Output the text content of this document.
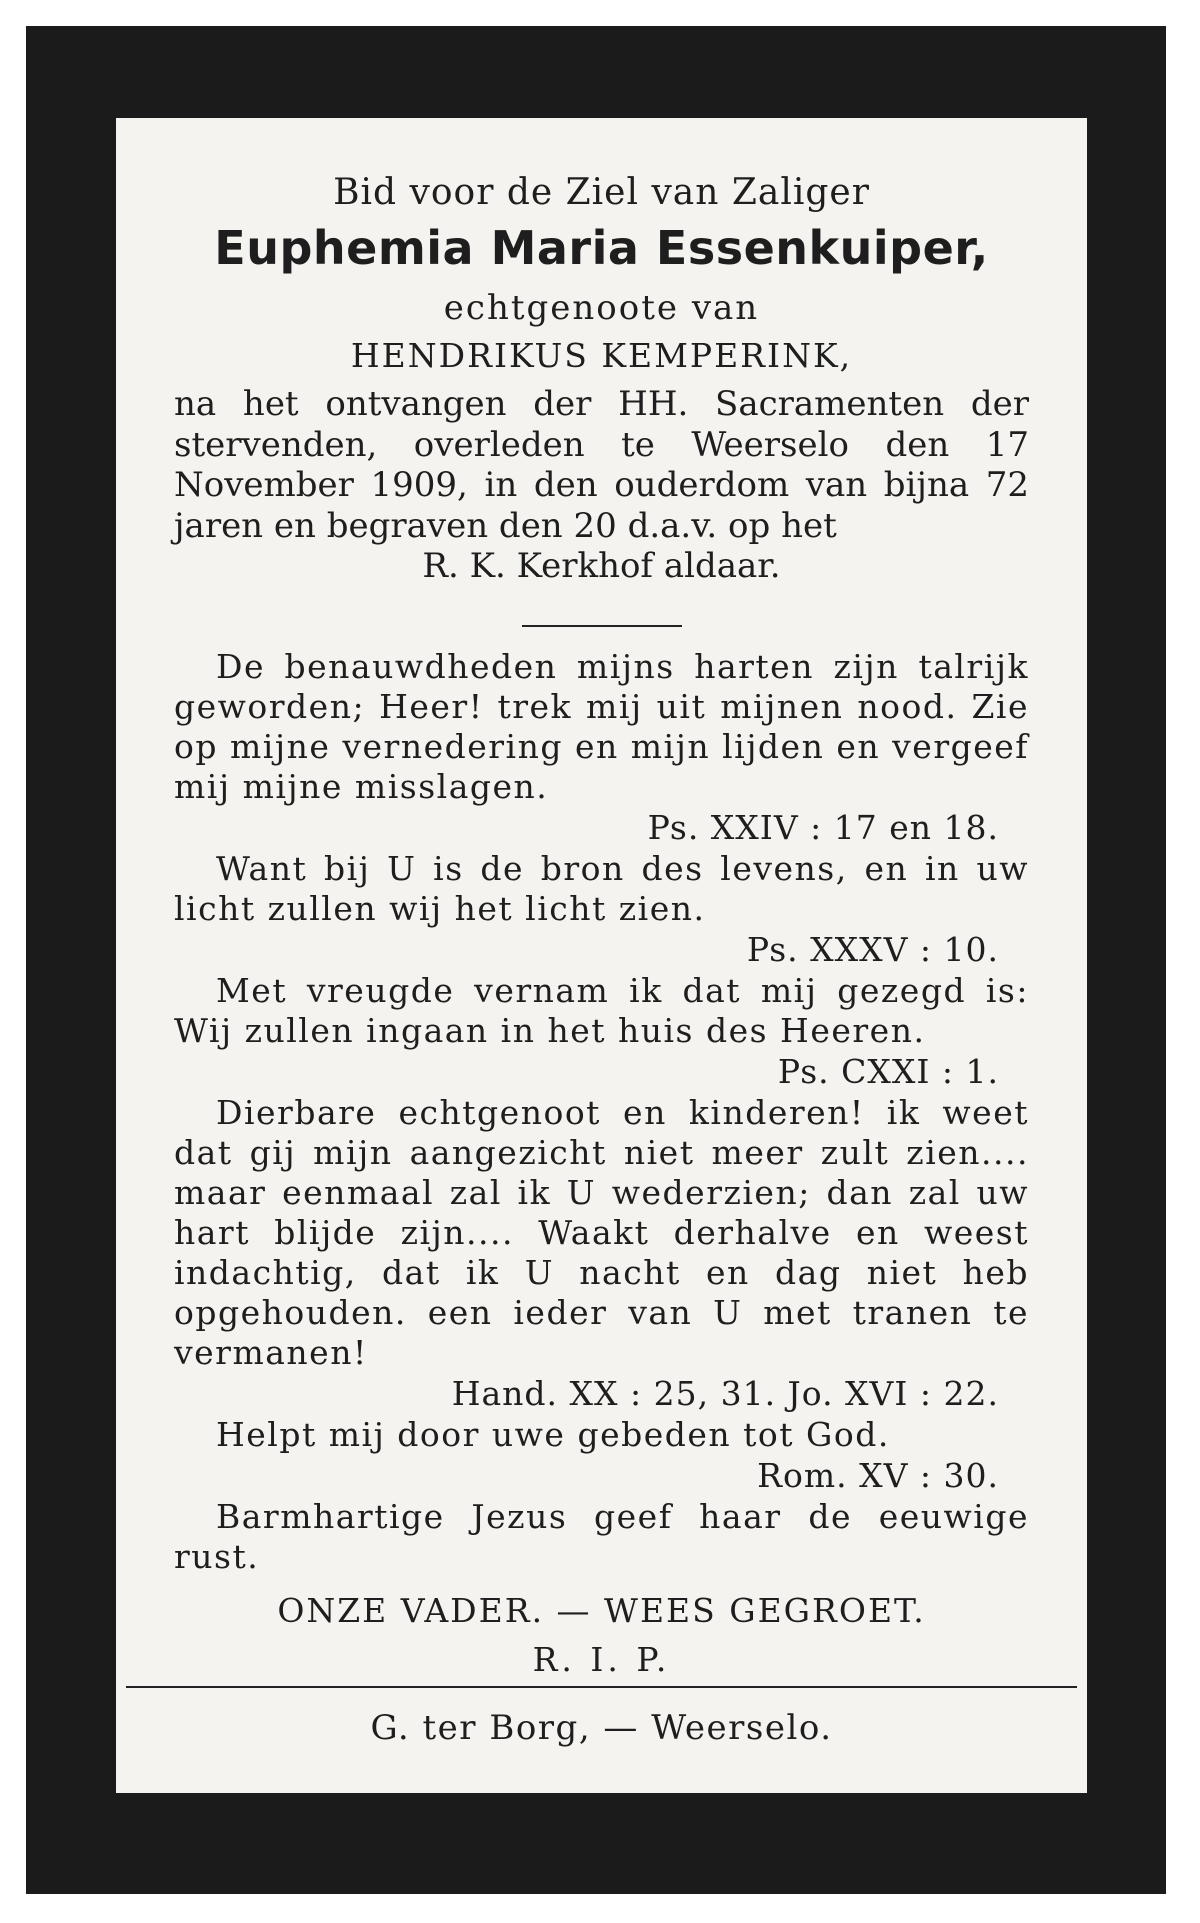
Bid voor de Ziel van Zaliger
Euphemia Maria Essenkuiper,
echtgenoote van
HENDRIKUS KEMPERINK,
na het ontvangen der HH. Sacramenten der stervenden, overleden te Weerselo den 17 November 1909, in den ouderdom van bijna 72 jaren en begraven den 20 d.a.v. op het
R. K. Kerkhof aldaar.
De benauwdheden mijns harten zijn talrijk geworden; Heer! trek mij uit mijnen nood. Zie op mijne vernedering en mijn lijden en vergeef mij mijne misslagen.
Ps. XXIV : 17 en 18.
Want bij U is de bron des levens, en in uw licht zullen wij het licht zien.
Ps. XXXV : 10.
Met vreugde vernam ik dat mij gezegd is: Wij zullen ingaan in het huis des Heeren.
Ps. CXXI : 1.
Dierbare echtgenoot en kinderen! ik weet dat gij mijn aangezicht niet meer zult zien.... maar eenmaal zal ik U wederzien; dan zal uw hart blijde zijn.... Waakt derhalve en weest indachtig, dat ik U nacht en dag niet heb opgehouden. een ieder van U met tranen te vermanen!
Hand. XX : 25, 31. Jo. XVI : 22.
Helpt mij door uwe gebeden tot God.
Rom. XV : 30.
Barmhartige Jezus geef haar de eeuwige rust.
ONZE VADER. — WEES GEGROET.
R. I. P.
G. ter Borg, — Weerselo.
